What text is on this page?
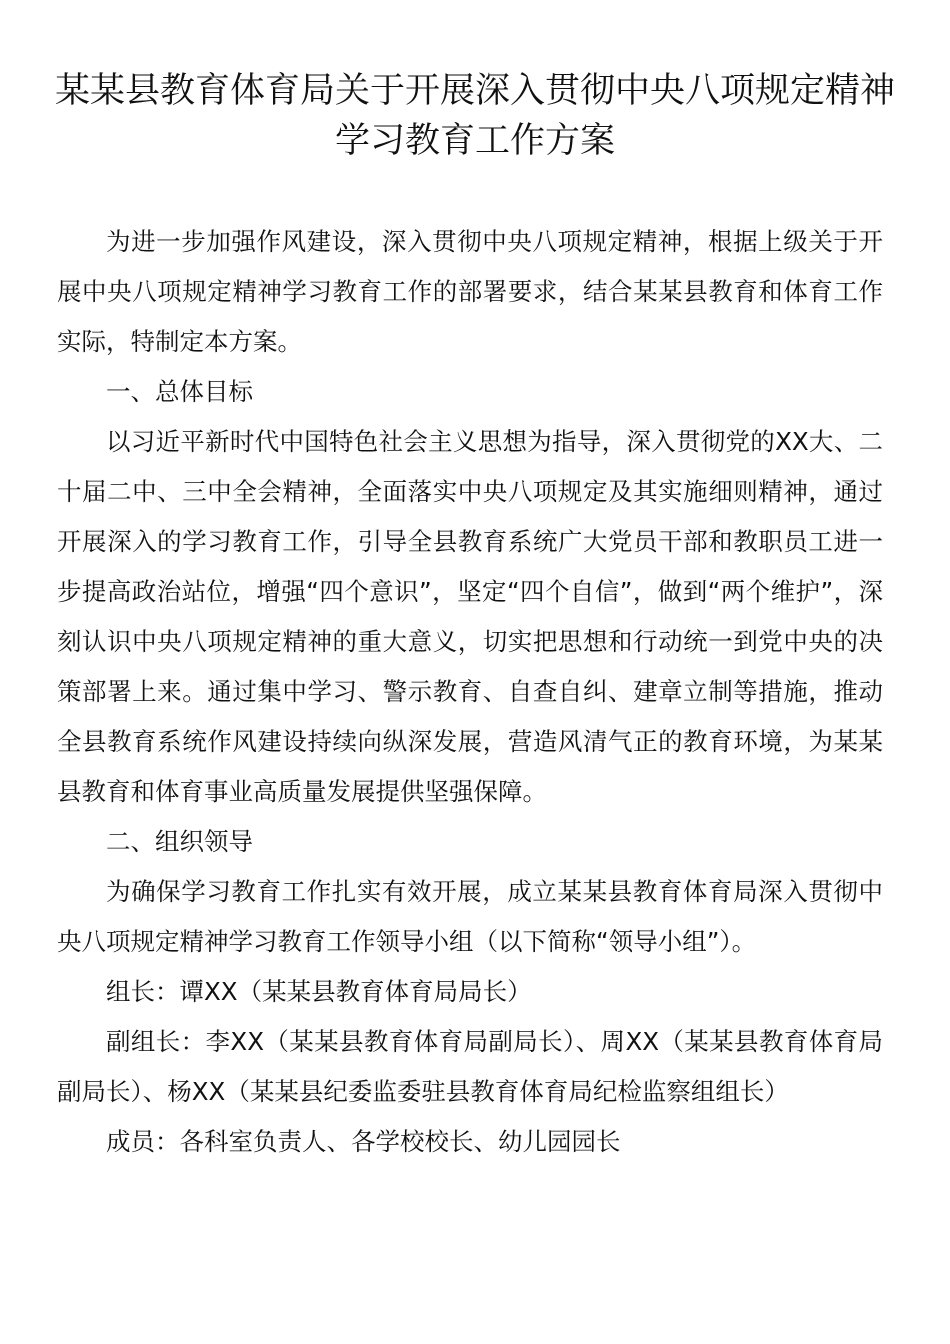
某某县教育体育局关于开展深入贯彻中央八项规定精神学习教育工作方案

为进一步加强作风建设，深入贯彻中央八项规定精神，根据上级关于开展中央八项规定精神学习教育工作的部署要求，结合某某县教育和体育工作实际，特制定本方案。

一、总体目标

以习近平新时代中国特色社会主义思想为指导，深入贯彻党的XX大、二十届二中、三中全会精神，全面落实中央八项规定及其实施细则精神，通过开展深入的学习教育工作，引导全县教育系统广大党员干部和教职员工进一步提高政治站位，增强“四个意识”，坚定“四个自信”，做到“两个维护”，深刻认识中央八项规定精神的重大意义，切实把思想和行动统一到党中央的决策部署上来。通过集中学习、警示教育、自查自纠、建章立制等措施，推动全县教育系统作风建设持续向纵深发展，营造风清气正的教育环境，为某某县教育和体育事业高质量发展提供坚强保障。

二、组织领导

为确保学习教育工作扎实有效开展，成立某某县教育体育局深入贯彻中央八项规定精神学习教育工作领导小组（以下简称“领导小组”）。

组长：谭XX（某某县教育体育局局长）

副组长：李XX（某某县教育体育局副局长）、周XX（某某县教育体育局副局长）、杨XX（某某县纪委监委驻县教育体育局纪检监察组组长）

成员：各科室负责人、各学校校长、幼儿园园长
